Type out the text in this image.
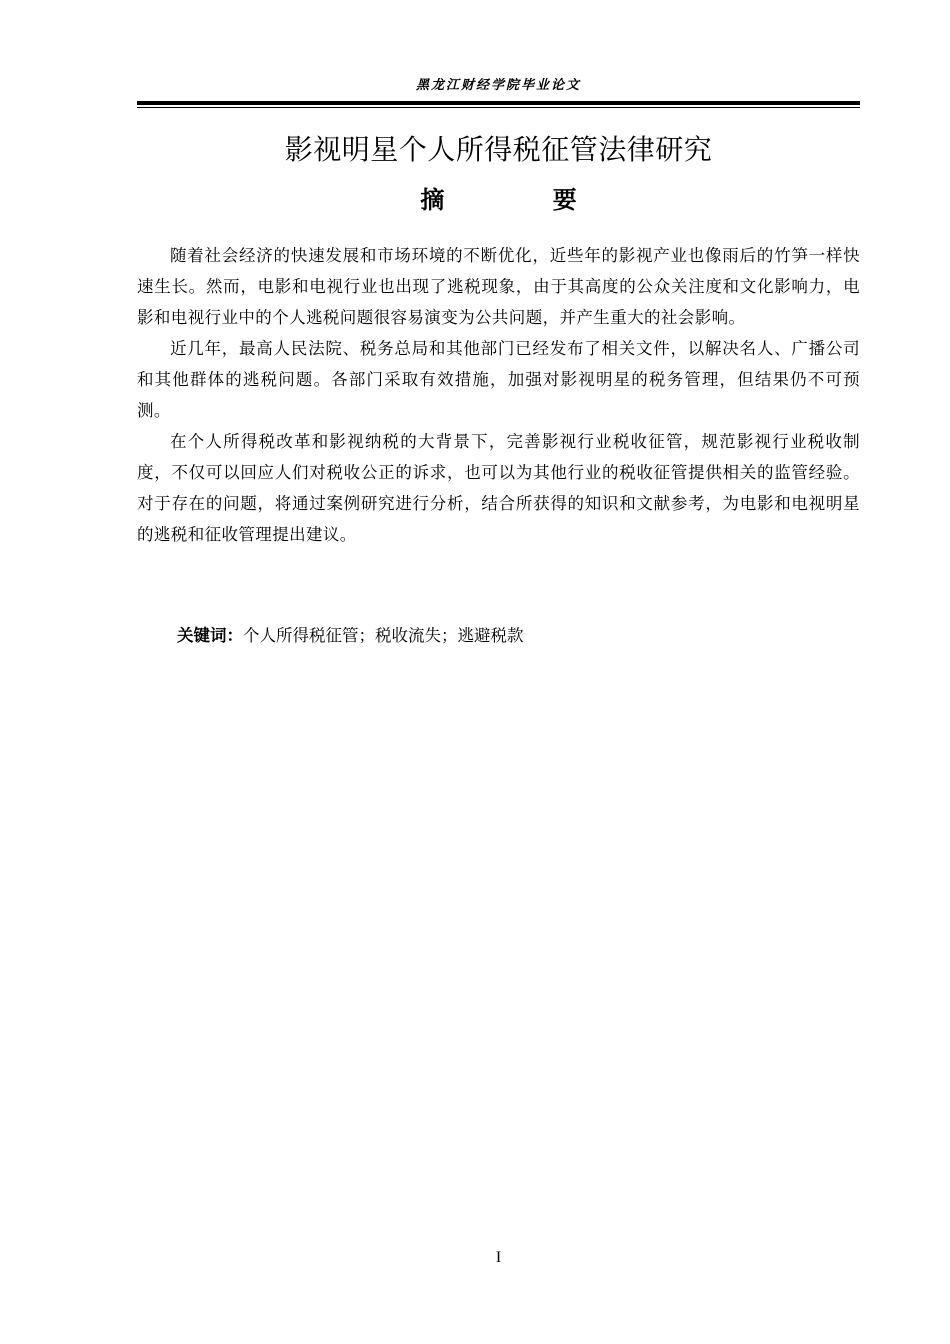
黑龙江财经学院毕业论文
影视明星个人所得税征管法律研究
摘 要

随着社会经济的快速发展和市场环境的不断优化，近些年的影视产业也像雨后的竹笋一样快速生长。然而，电影和电视行业也出现了逃税现象，由于其高度的公众关注度和文化影响力，电影和电视行业中的个人逃税问题很容易演变为公共问题，并产生重大的社会影响。

近几年，最高人民法院、税务总局和其他部门已经发布了相关文件，以解决名人、广播公司和其他群体的逃税问题。各部门采取有效措施，加强对影视明星的税务管理，但结果仍不可预测。

在个人所得税改革和影视纳税的大背景下，完善影视行业税收征管，规范影视行业税收制度，不仅可以回应人们对税收公正的诉求，也可以为其他行业的税收征管提供相关的监管经验。对于存在的问题，将通过案例研究进行分析，结合所获得的知识和文献参考，为电影和电视明星的逃税和征收管理提出建议。

关键词：个人所得税征管；税收流失；逃避税款
I
